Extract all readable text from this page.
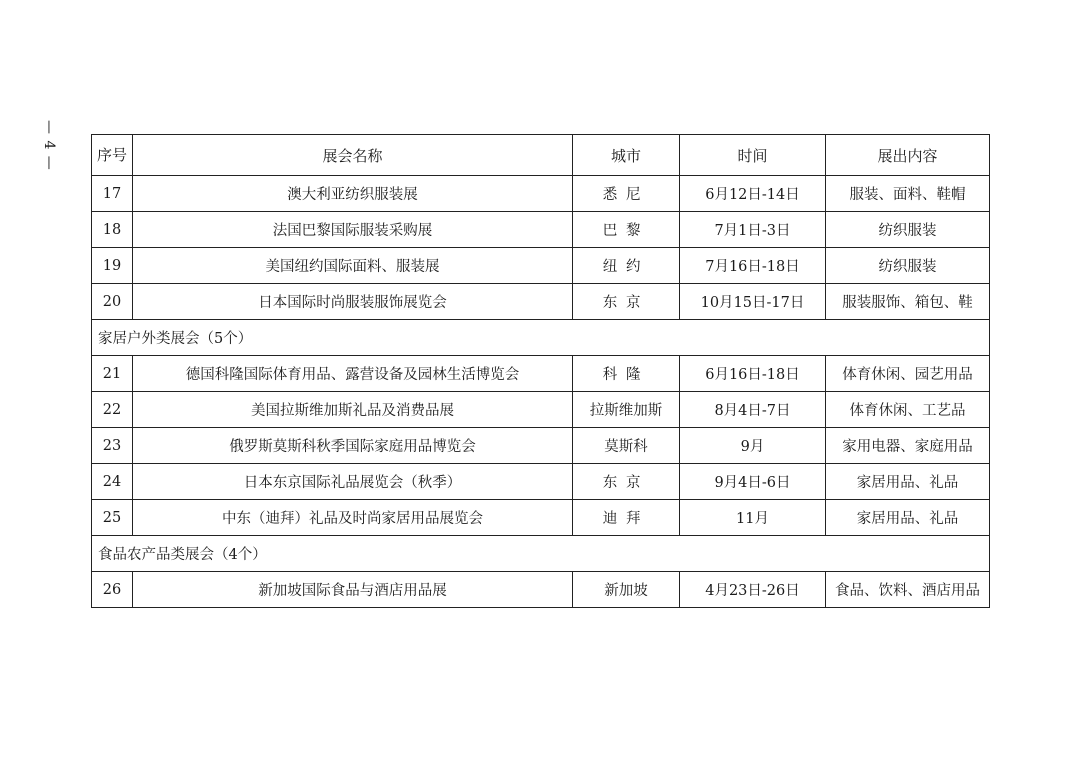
— 4 —	序号	展会名称	城市	时间	展出内容
17	澳大利亚纺织服装展	悉尼	6月12日-14日	服装、面料、鞋帽
18	法国巴黎国际服装采购展	巴黎	7月1日-3日	纺织服装
19	美国纽约国际面料、服装展	纽约	7月16日-18日	纺织服装
20	日本国际时尚服装服饰展览会	东京	10月15日-17日	服装服饰、箱包、鞋
家居户外类展会（5个）				
21	德国科隆国际体育用品、露营设备及园林生活博览会	科隆	6月16日-18日	体育休闲、园艺用品
22	美国拉斯维加斯礼品及消费品展	拉斯维加斯	8月4日-7日	体育休闲、工艺品
23	俄罗斯莫斯科秋季国际家庭用品博览会	莫斯科	9月	家用电器、家庭用品
24	日本东京国际礼品展览会（秋季）	东京	9月4日-6日	家居用品、礼品
25	中东（迪拜）礼品及时尚家居用品展览会	迪拜	11月	家居用品、礼品
食品农产品类展会（4个）				
26	新加坡国际食品与酒店用品展	新加坡	4月23日-26日	食品、饮料、酒店用品
